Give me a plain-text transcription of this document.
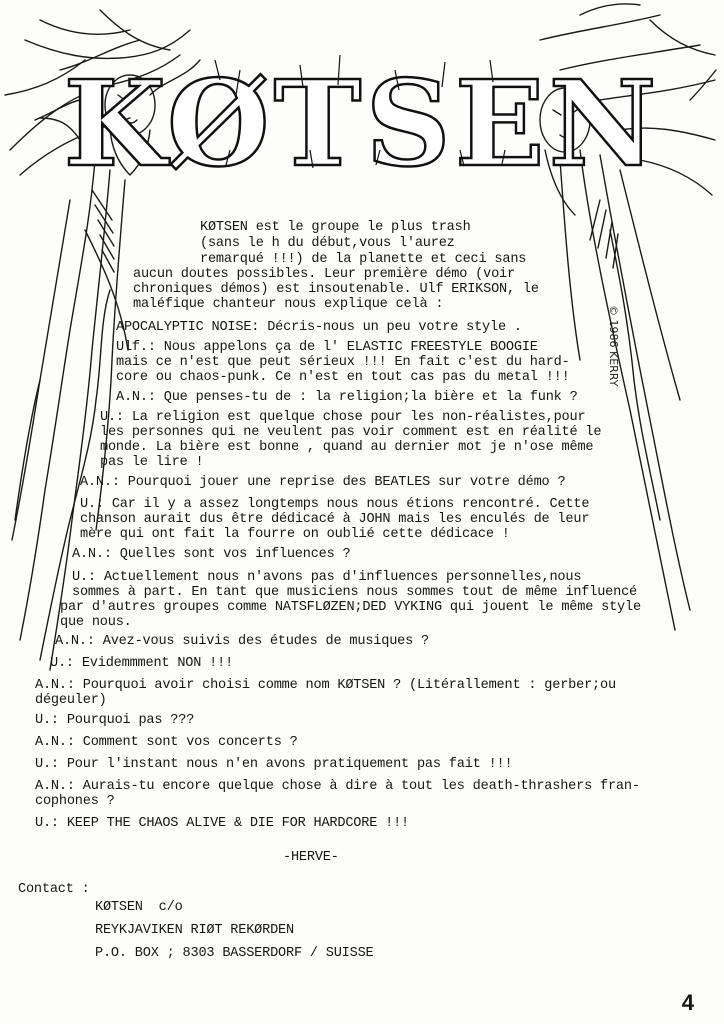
KØTSEN
© 1986 KERRY
KØTSEN est le groupe le plus trash
(sans le h du début,vous l'aurez
remarqué !!!) de la planette et ceci sans
aucun doutes possibles. Leur première démo (voir
chroniques démos) est insoutenable. Ulf ERIKSON, le
maléfique chanteur nous explique celà :
APOCALYPTIC NOISE: Décris-nous un peu votre style .
Ulf.: Nous appelons ça de l' ELASTIC FREESTYLE BOOGIE
mais ce n'est que peut sérieux !!! En fait c'est du hard-
core ou chaos-punk. Ce n'est en tout cas pas du metal !!!
A.N.: Que penses-tu de : la religion;la bière et la funk ?
U.: La religion est quelque chose pour les non-réalistes,pour
les personnes qui ne veulent pas voir comment est en réalité le
monde. La bière est bonne , quand au dernier mot je n'ose même
pas le lire !
A.N.: Pourquoi jouer une reprise des BEATLES sur votre démo ?
U.: Car il y a assez longtemps nous nous étions rencontré. Cette
chanson aurait dus être dédicacé à JOHN mais les enculés de leur
mère qui ont fait la fourre on oublié cette dédicace !
A.N.: Quelles sont vos influences ?
U.: Actuellement nous n'avons pas d'influences personnelles,nous
sommes à part. En tant que musiciens nous sommes tout de même influencé
par d'autres groupes comme NATSFLØZEN;DED VYKING qui jouent le même style
que nous.
A.N.: Avez-vous suivis des études de musiques ?
U.: Evidemmment NON !!!
A.N.: Pourquoi avoir choisi comme nom KØTSEN ? (Litérallement : gerber;ou
dégeuler)
U.: Pourquoi pas ???
A.N.: Comment sont vos concerts ?
U.: Pour l'instant nous n'en avons pratiquement pas fait !!!
A.N.: Aurais-tu encore quelque chose à dire à tout les death-thrashers fran-
cophones ?
U.: KEEP THE CHAOS ALIVE & DIE FOR HARDCORE !!!
-HERVE-
Contact :
KØTSEN  c/o
REYKJAVIKEN RIØT REKØRDEN
P.O. BOX ; 8303 BASSERDORF / SUISSE
4
